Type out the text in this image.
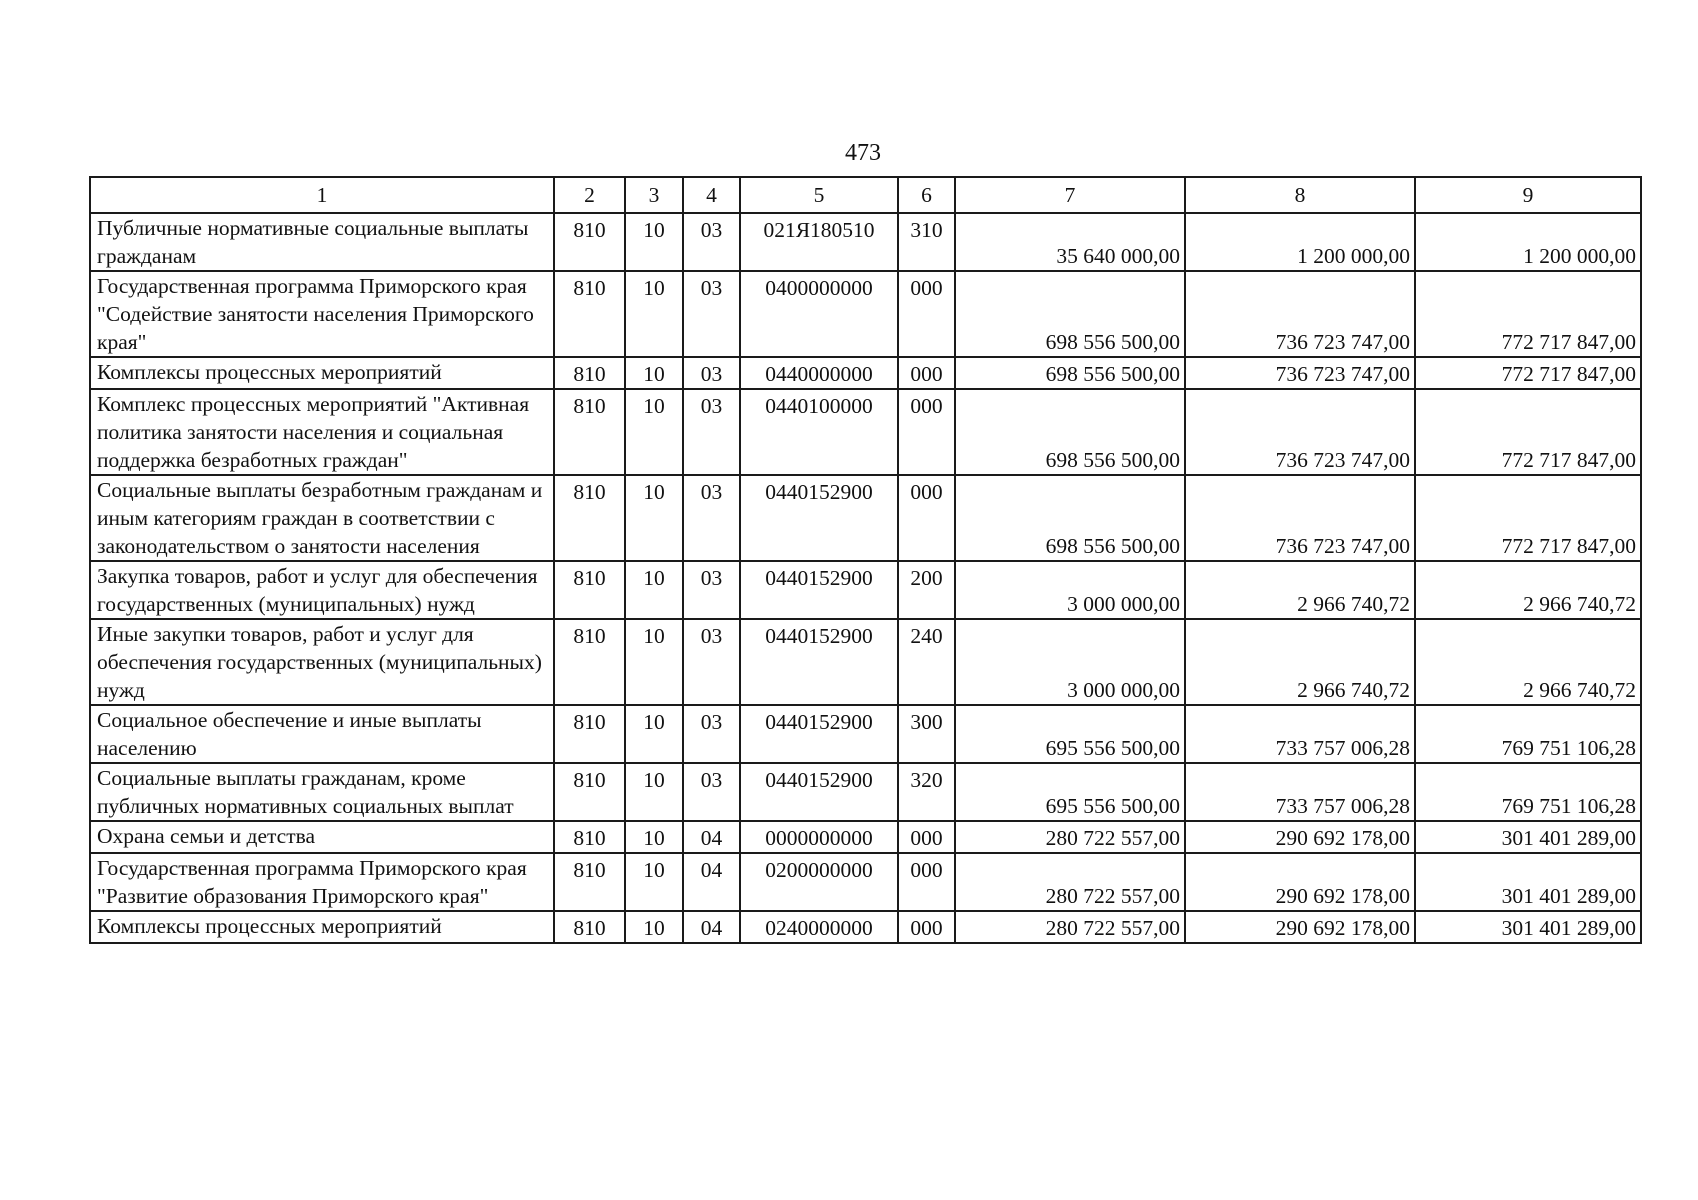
473
1	2	3	4	5	6	7	8	9
Публичные нормативные социальные выплаты гражданам	810	10	03	021Я180510	310	35 640 000,00	1 200 000,00	1 200 000,00
Государственная программа Приморского края "Содействие занятости населения Приморского края"	810	10	03	0400000000	000	698 556 500,00	736 723 747,00	772 717 847,00
Комплексы процессных мероприятий	810	10	03	0440000000	000	698 556 500,00	736 723 747,00	772 717 847,00
Комплекс процессных мероприятий "Активная политика занятости населения и социальная поддержка безработных граждан"	810	10	03	0440100000	000	698 556 500,00	736 723 747,00	772 717 847,00
Социальные выплаты безработным гражданам и иным категориям граждан в соответствии с законодательством о занятости населения	810	10	03	0440152900	000	698 556 500,00	736 723 747,00	772 717 847,00
Закупка товаров, работ и услуг для обеспечения государственных (муниципальных) нужд	810	10	03	0440152900	200	3 000 000,00	2 966 740,72	2 966 740,72
Иные закупки товаров, работ и услуг для обеспечения государственных (муниципальных) нужд	810	10	03	0440152900	240	3 000 000,00	2 966 740,72	2 966 740,72
Социальное обеспечение и иные выплаты населению	810	10	03	0440152900	300	695 556 500,00	733 757 006,28	769 751 106,28
Социальные выплаты гражданам, кроме публичных нормативных социальных выплат	810	10	03	0440152900	320	695 556 500,00	733 757 006,28	769 751 106,28
Охрана семьи и детства	810	10	04	0000000000	000	280 722 557,00	290 692 178,00	301 401 289,00
Государственная программа Приморского края "Развитие образования Приморского края"	810	10	04	0200000000	000	280 722 557,00	290 692 178,00	301 401 289,00
Комплексы процессных мероприятий	810	10	04	0240000000	000	280 722 557,00	290 692 178,00	301 401 289,00
